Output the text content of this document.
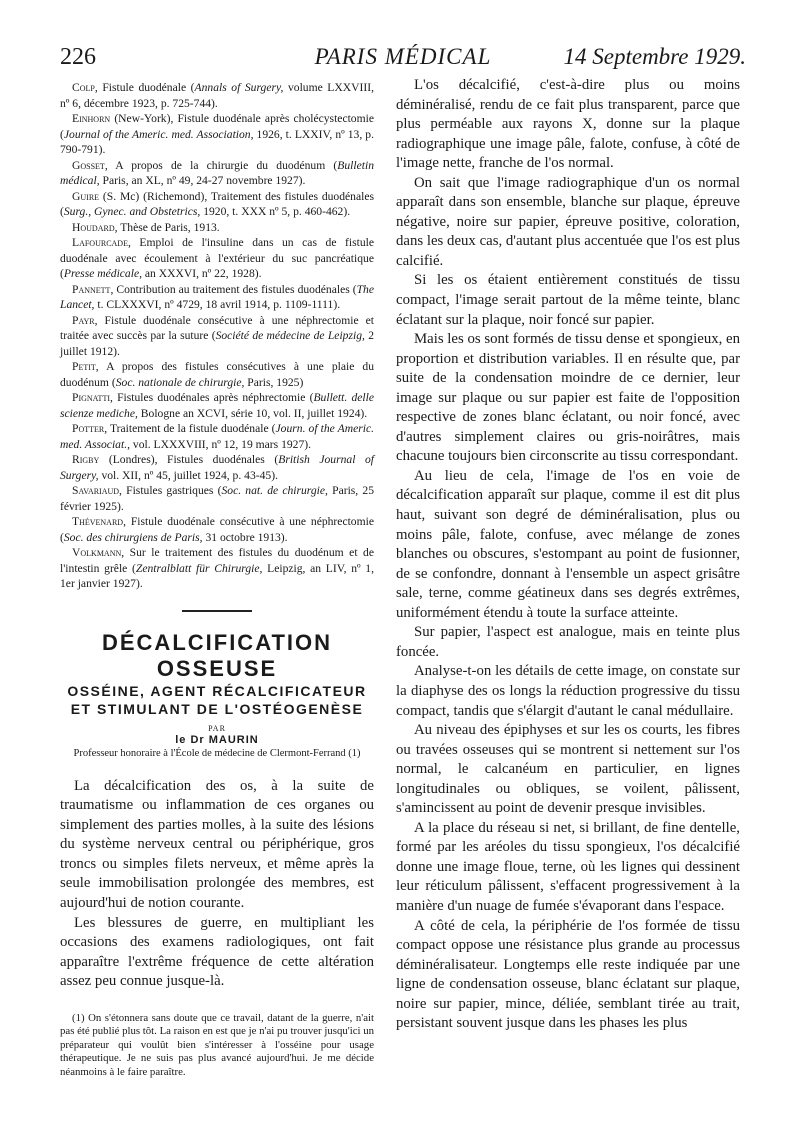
226	PARIS MÉDICAL	14 Septembre 1929.

Colp, Fistule duodénale (Annals of Surgery, volume LXXVIII, nº 6, décembre 1923, p. 725-744).

Einhorn (New-York), Fistule duodénale après cholécystectomie (Journal of the Americ. med. Association, 1926, t. LXXIV, nº 13, p. 790-791).

Gosset, A propos de la chirurgie du duodénum (Bulletin médical, Paris, an XL, nº 49, 24-27 novembre 1927).

Guire (S. Mc) (Richemond), Traitement des fistules duodénales (Surg., Gynec. and Obstetrics, 1920, t. XXX nº 5, p. 460-462).

Houdard, Thèse de Paris, 1913.

Lafourcade, Emploi de l'insuline dans un cas de fistule duodénale avec écoulement à l'extérieur du suc pancréatique (Presse médicale, an XXXVI, nº 22, 1928).

Pannett, Contribution au traitement des fistules duodénales (The Lancet, t. CLXXXVI, nº 4729, 18 avril 1914, p. 1109-1111).

Payr, Fistule duodénale consécutive à une néphrectomie et traitée avec succès par la suture (Société de médecine de Leipzig, 2 juillet 1912).

Petit, A propos des fistules consécutives à une plaie du duodénum (Soc. nationale de chirurgie, Paris, 1925)

Pignatti, Fistules duodénales après néphrectomie (Bullett. delle scienze mediche, Bologne an XCVI, série 10, vol. II, juillet 1924).

Potter, Traitement de la fistule duodénale (Journ. of the Americ. med. Associat., vol. LXXXVIII, nº 12, 19 mars 1927).

Rigby (Londres), Fistules duodénales (British Journal of Surgery, vol. XII, nº 45, juillet 1924, p. 43-45).

Savariaud, Fistules gastriques (Soc. nat. de chirurgie, Paris, 25 février 1925).

Thévenard, Fistule duodénale consécutive à une néphrectomie (Soc. des chirurgiens de Paris, 31 octobre 1913).

Volkmann, Sur le traitement des fistules du duodénum et de l'intestin grêle (Zentralblatt für Chirurgie, Leipzig, an LIV, nº 1, 1er janvier 1927).

DÉCALCIFICATION OSSEUSE
OSSÉINE, AGENT RÉCALCIFICATEUR
ET STIMULANT DE L'OSTÉOGENÈSE
PAR
le Dr MAURIN
Professeur honoraire à l'École de médecine de Clermont-Ferrand (1)

La décalcification des os, à la suite de traumatisme ou inflammation de ces organes ou simplement des parties molles, à la suite des lésions du système nerveux central ou périphérique, gros troncs ou simples filets nerveux, et même après la seule immobilisation prolongée des membres, est aujourd'hui de notion courante.

Les blessures de guerre, en multipliant les occasions des examens radiologiques, ont fait apparaître l'extrême fréquence de cette altération assez peu connue jusque-là.

(1) On s'étonnera sans doute que ce travail, datant de la guerre, n'ait pas été publié plus tôt. La raison en est que je n'ai pu trouver jusqu'ici un préparateur qui voulût bien s'intéresser à l'osséine pour usage thérapeutique. Je ne suis pas plus avancé aujourd'hui. Je me décide néanmoins à le faire paraître.

L'os décalcifié, c'est-à-dire plus ou moins déminéralisé, rendu de ce fait plus transparent, parce que plus perméable aux rayons X, donne sur la plaque radiographique une image pâle, falote, confuse, à côté de l'image nette, franche de l'os normal.

On sait que l'image radiographique d'un os normal apparaît dans son ensemble, blanche sur plaque, épreuve négative, noire sur papier, épreuve positive, coloration, dans les deux cas, d'autant plus accentuée que l'os est plus calcifié.

Si les os étaient entièrement constitués de tissu compact, l'image serait partout de la même teinte, blanc éclatant sur la plaque, noir foncé sur papier.

Mais les os sont formés de tissu dense et spongieux, en proportion et distribution variables. Il en résulte que, par suite de la condensation moindre de ce dernier, leur image sur plaque ou sur papier est faite de l'opposition respective de zones blanc éclatant, ou noir foncé, avec d'autres simplement claires ou gris-noirâtres, mais chacune toujours bien circonscrite au tissu correspondant.

Au lieu de cela, l'image de l'os en voie de décalcification apparaît sur plaque, comme il est dit plus haut, suivant son degré de déminéralisation, plus ou moins pâle, falote, confuse, avec mélange de zones blanches ou obscures, s'estompant au point de fusionner, de se confondre, donnant à l'ensemble un aspect grisâtre sale, terne, comme géatineux dans ses degrés extrêmes, uniformément étendu à toute la surface atteinte.

Sur papier, l'aspect est analogue, mais en teinte plus foncée.

Analyse-t-on les détails de cette image, on constate sur la diaphyse des os longs la réduction progressive du tissu compact, tandis que s'élargit d'autant le canal médullaire.

Au niveau des épiphyses et sur les os courts, les fibres ou travées osseuses qui se montrent si nettement sur l'os normal, le calcanéum en particulier, en lignes longitudinales ou obliques, se voilent, pâlissent, s'amincissent au point de devenir presque invisibles.

A la place du réseau si net, si brillant, de fine dentelle, formé par les aréoles du tissu spongieux, l'os décalcifié donne une image floue, terne, où les lignes qui dessinent leur réticulum pâlissent, s'effacent progressivement à la manière d'un nuage de fumée s'évaporant dans l'espace.

A côté de cela, la périphérie de l'os formée de tissu compact oppose une résistance plus grande au processus déminéralisateur. Longtemps elle reste indiquée par une ligne de condensation osseuse, blanc éclatant sur plaque, noire sur papier, mince, déliée, semblant tirée au trait, persistant souvent jusque dans les phases les plus
